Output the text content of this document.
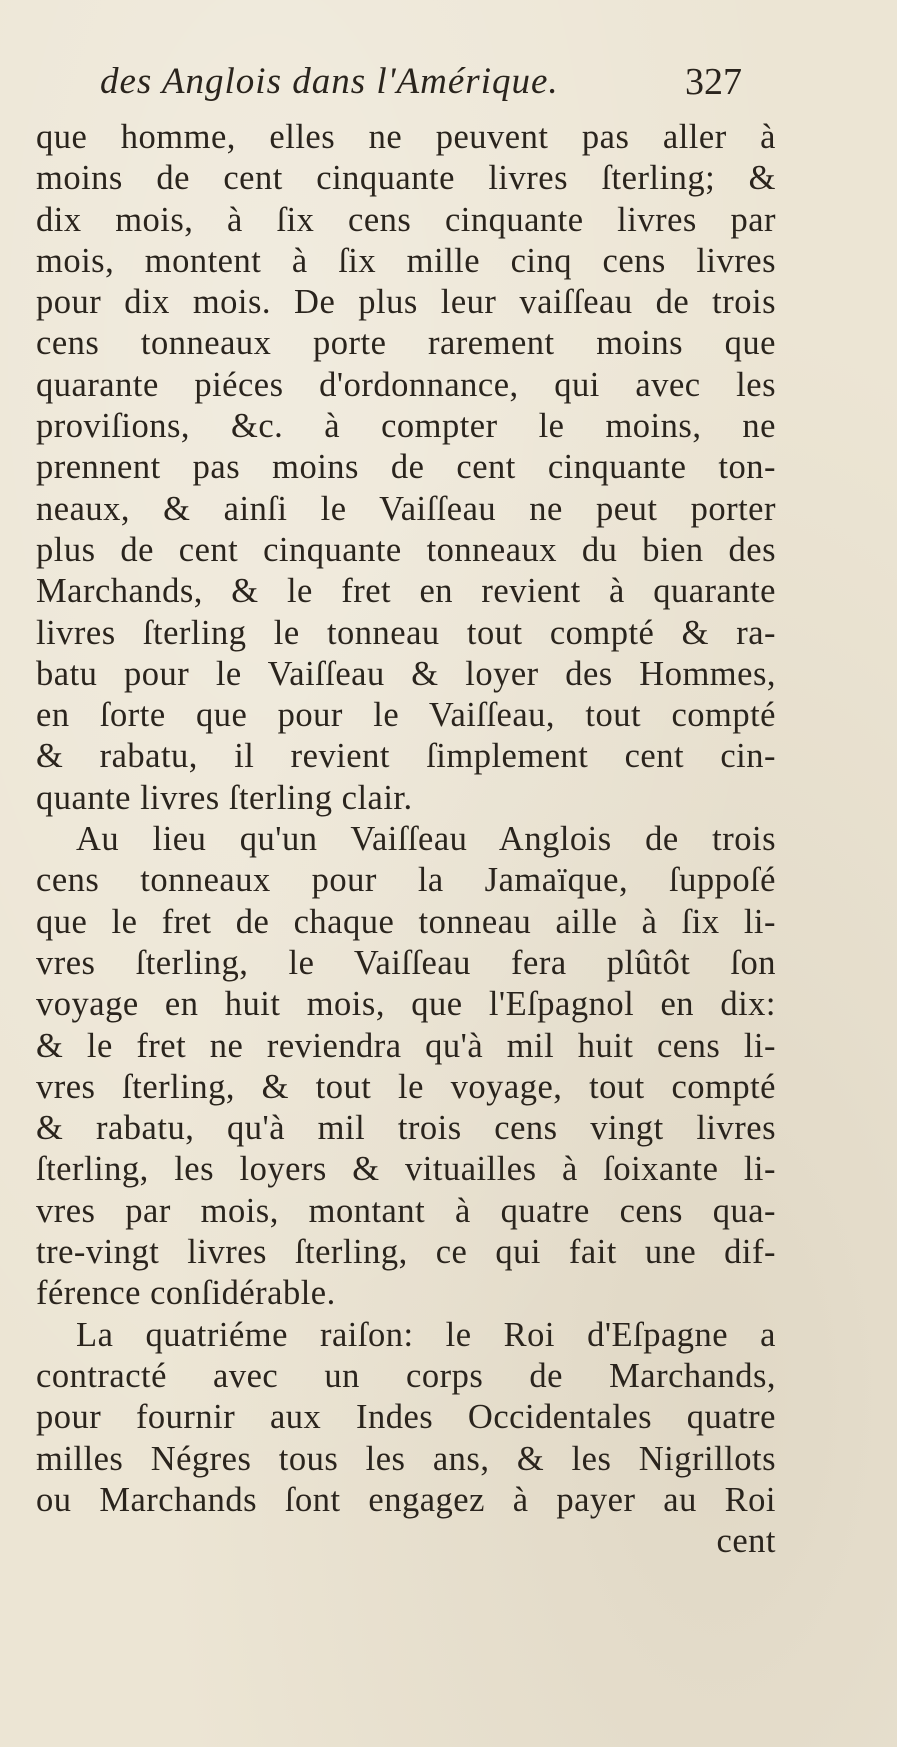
des Anglois dans l'Amérique.	327
que homme, elles ne peuvent pas aller à
moins de cent cinquante livres ſterling; &
dix mois, à ſix cens cinquante livres par
mois, montent à ſix mille cinq cens livres
pour dix mois. De plus leur vaiſſeau de trois
cens tonneaux porte rarement moins que
quarante piéces d'ordonnance, qui avec les
proviſions, &c. à compter le moins, ne
prennent pas moins de cent cinquante ton-
neaux, & ainſi le Vaiſſeau ne peut porter
plus de cent cinquante tonneaux du bien des
Marchands, & le fret en revient à quarante
livres ſterling le tonneau tout compté & ra-
batu pour le Vaiſſeau & loyer des Hommes,
en ſorte que pour le Vaiſſeau, tout compté
& rabatu, il revient ſimplement cent cin-
quante livres ſterling clair.
Au lieu qu'un Vaiſſeau Anglois de trois
cens tonneaux pour la Jamaïque, ſuppoſé
que le fret de chaque tonneau aille à ſix li-
vres ſterling, le Vaiſſeau fera plûtôt ſon
voyage en huit mois, que l'Eſpagnol en dix:
& le fret ne reviendra qu'à mil huit cens li-
vres ſterling, & tout le voyage, tout compté
& rabatu, qu'à mil trois cens vingt livres
ſterling, les loyers & vituailles à ſoixante li-
vres par mois, montant à quatre cens qua-
tre-vingt livres ſterling, ce qui fait une dif-
férence conſidérable.
La quatriéme raiſon: le Roi d'Eſpagne a
contracté avec un corps de Marchands,
pour fournir aux Indes Occidentales quatre
milles Négres tous les ans, & les Nigrillots
ou Marchands ſont engagez à payer au Roi
cent
